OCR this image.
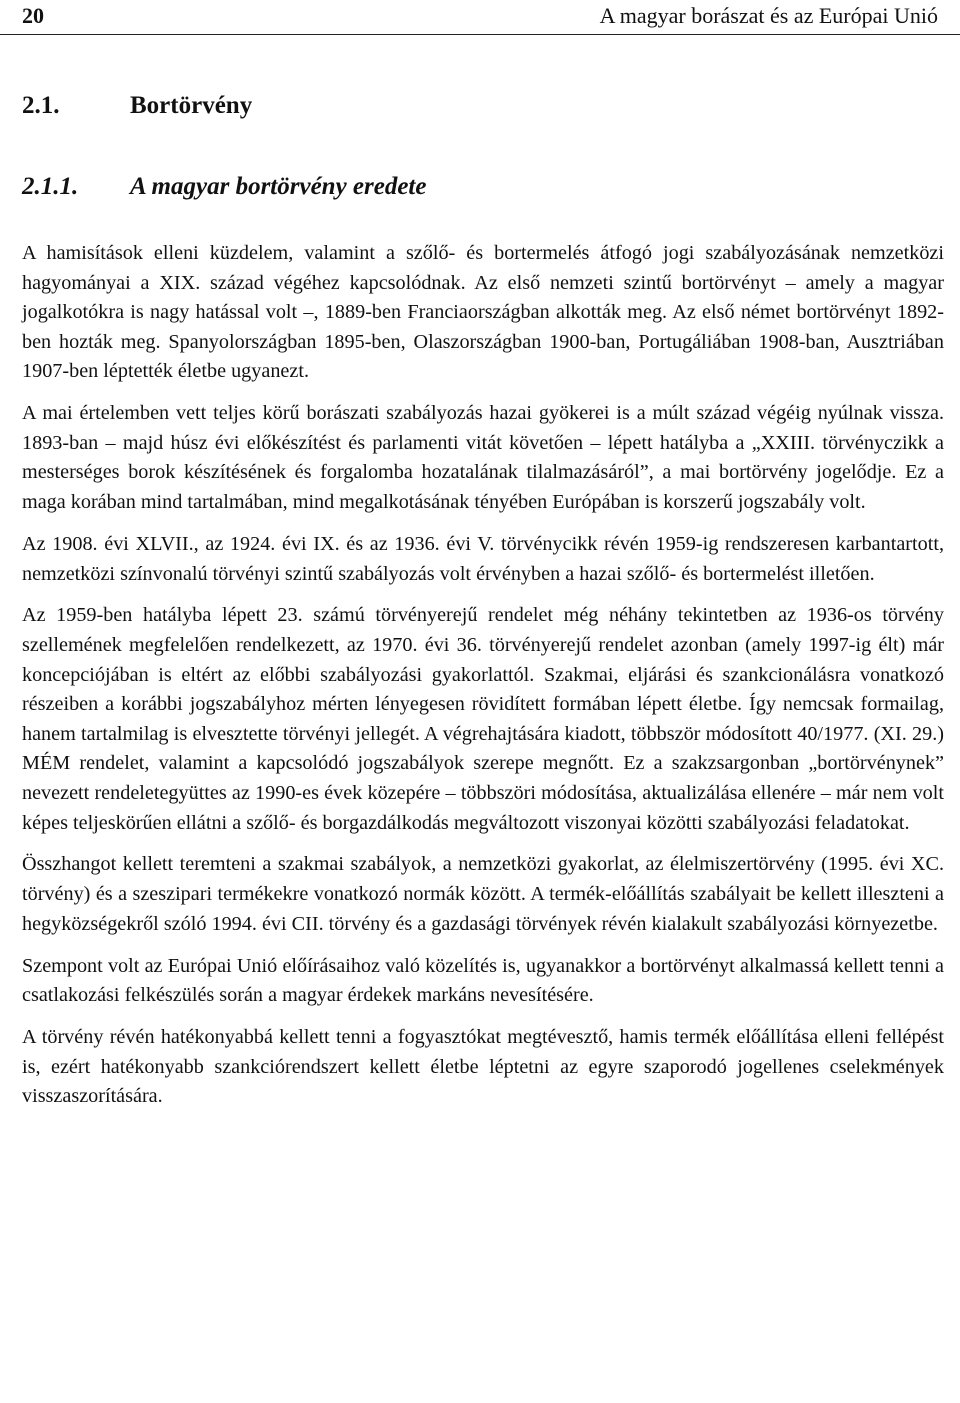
20	A magyar borászat és az Európai Unió
2.1.	Bortörvény
2.1.1. A magyar bortörvény eredete

A hamisítások elleni küzdelem, valamint a szőlő- és bortermelés átfogó jogi szabályozásának nemzetközi hagyományai a XIX. század végéhez kapcsolódnak. Az első nemzeti szintű bortörvényt – amely a magyar jogalkotókra is nagy hatással volt –, 1889-ben Franciaországban alkották meg. Az első német bortörvényt 1892-ben hozták meg. Spanyolországban 1895-ben, Olaszországban 1900-ban, Portugáliában 1908-ban, Ausztriában 1907-ben léptették életbe ugyanezt.

A mai értelemben vett teljes körű borászati szabályozás hazai gyökerei is a múlt század végéig nyúlnak vissza. 1893-ban – majd húsz évi előkészítést és parlamenti vitát követően – lépett hatályba a „XXIII. törvényczikk a mesterséges borok készítésének és forgalomba hozatalának tilalmazásáról”, a mai bortörvény jogelődje. Ez a maga korában mind tartalmában, mind megalkotásának tényében Európában is korszerű jogszabály volt.

Az 1908. évi XLVII., az 1924. évi IX. és az 1936. évi V. törvénycikk révén 1959-ig rendszeresen karbantartott, nemzetközi színvonalú törvényi szintű szabályozás volt érvényben a hazai szőlő- és bortermelést illetően.

Az 1959-ben hatályba lépett 23. számú törvényerejű rendelet még néhány tekintetben az 1936-os törvény szellemének megfelelően rendelkezett, az 1970. évi 36. törvényerejű rendelet azonban (amely 1997-ig élt) már koncepciójában is eltért az előbbi szabályozási gyakorlattól. Szakmai, eljárási és szankcionálásra vonatkozó részeiben a korábbi jogszabályhoz mérten lényegesen rövidített formában lépett életbe. Így nemcsak formailag, hanem tartalmilag is elvesztette törvényi jellegét. A végrehajtására kiadott, többször módosított 40/1977. (XI. 29.) MÉM rendelet, valamint a kapcsolódó jogszabályok szerepe megnőtt. Ez a szakzsargonban „bortörvénynek” nevezett rendeletegyüttes az 1990-es évek közepére – többszöri módosítása, aktualizálása ellenére – már nem volt képes teljeskörűen ellátni a szőlő- és borgazdálkodás megváltozott viszonyai közötti szabályozási feladatokat.

Összhangot kellett teremteni a szakmai szabályok, a nemzetközi gyakorlat, az élelmiszertörvény (1995. évi XC. törvény) és a szeszipari termékekre vonatkozó normák között. A termék-előállítás szabályait be kellett illeszteni a hegyközségekről szóló 1994. évi CII. törvény és a gazdasági törvények révén kialakult szabályozási környezetbe.

Szempont volt az Európai Unió előírásaihoz való közelítés is, ugyanakkor a bortörvényt alkalmassá kellett tenni a csatlakozási felkészülés során a magyar érdekek markáns nevesítésére.

A törvény révén hatékonyabbá kellett tenni a fogyasztókat megtévesztő, hamis termék előállítása elleni fellépést is, ezért hatékonyabb szankciórendszert kellett életbe léptetni az egyre szaporodó jogellenes cselekmények visszaszorítására.
